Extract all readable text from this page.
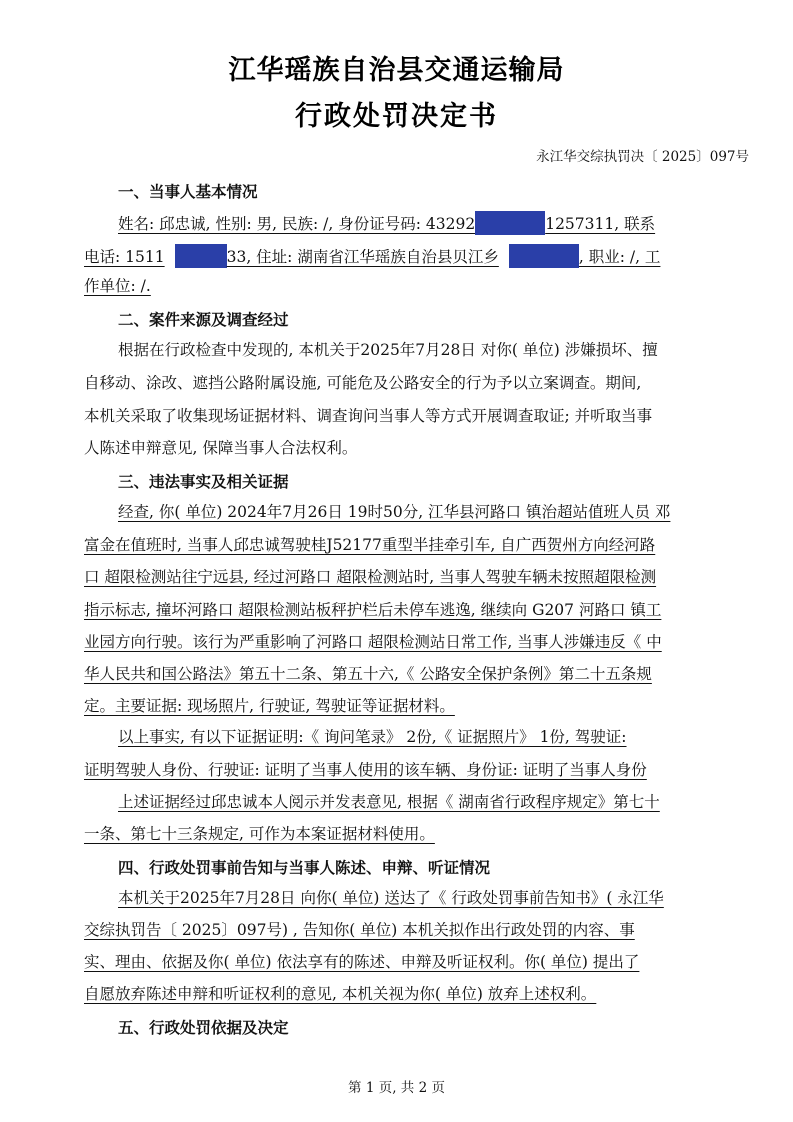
江华瑶族自治县交通运输局
行政处罚决定书
永江华交综执罚决〔 2025〕097号
一、当事人基本情况
姓名: 邱忠诚, 性别: 男, 民族: /, 身份证号码: 43292	1257311, 联系
电话: 1511	33, 住址: 湖南省江华瑶族自治县贝江乡	, 职业: /, 工
作单位: /.
二、案件来源及调查经过
根据在行政检查中发现的, 本机关于2025年7月28日 对你( 单位) 涉嫌损坏、擅
自移动、涂改、遮挡公路附属设施, 可能危及公路安全的行为予以立案调查。期间,
本机关采取了收集现场证据材料、调查询问当事人等方式开展调查取证; 并听取当事
人陈述申辩意见, 保障当事人合法权利。
三、违法事实及相关证据
经查, 你( 单位) 2024年7月26日 19时50分, 江华县河路口 镇治超站值班人员 邓
富金在值班时, 当事人邱忠诚驾驶桂J52177重型半挂牵引车, 自广西贺州方向经河路
口 超限检测站往宁远县, 经过河路口 超限检测站时, 当事人驾驶车辆未按照超限检测
指示标志, 撞坏河路口 超限检测站板秤护栏后未停车逃逸, 继续向 G207 河路口 镇工
业园方向行驶。该行为严重影响了河路口 超限检测站日常工作, 当事人涉嫌违反《 中
华人民共和国公路法》第五十二条、第五十六,《 公路安全保护条例》第二十五条规
定。主要证据: 现场照片, 行驶证, 驾驶证等证据材料。
以上事实, 有以下证据证明:《 询问笔录》 2份,《 证据照片》 1份, 驾驶证:
证明驾驶人身份、行驶证: 证明了当事人使用的该车辆、身份证: 证明了当事人身份
上述证据经过邱忠诚本人阅示并发表意见, 根据《 湖南省行政程序规定》第七十
一条、第七十三条规定, 可作为本案证据材料使用。
四、行政处罚事前告知与当事人陈述、申辩、听证情况
本机关于2025年7月28日 向你( 单位) 送达了《 行政处罚事前告知书》( 永江华
交综执罚告〔 2025〕097号) , 告知你( 单位) 本机关拟作出行政处罚的内容、事
实、理由、依据及你( 单位) 依法享有的陈述、申辩及听证权利。你( 单位) 提出了
自愿放弃陈述申辩和听证权利的意见, 本机关视为你( 单位) 放弃上述权利。
五、行政处罚依据及决定
第 1 页, 共 2 页
